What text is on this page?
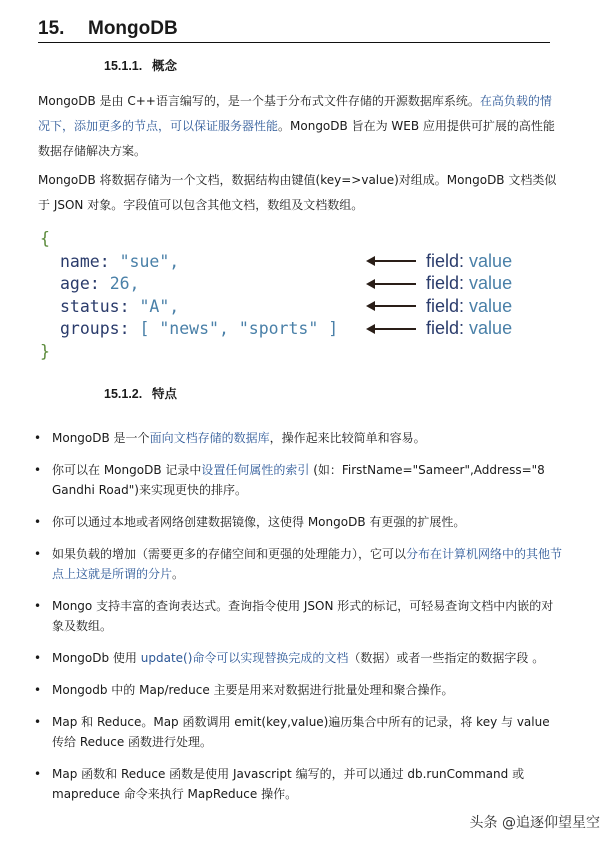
15. MongoDB
15.1.1. 概念
MongoDB 是由 C++语言编写的，是一个基于分布式文件存储的开源数据库系统。在高负载的情况下，添加更多的节点，可以保证服务器性能。MongoDB 旨在为 WEB 应用提供可扩展的高性能数据存储解决方案。
MongoDB 将数据存储为一个文档，数据结构由键值(key=>value)对组成。MongoDB 文档类似于 JSON 对象。字段值可以包含其他文档，数组及文档数组。
{
name: "sue",
age: 26,
status: "A",
groups: [ "news", "sports" ]
}
field: value
field: value
field: value
field: value
15.1.2. 特点
• MongoDB 是一个面向文档存储的数据库，操作起来比较简单和容易。
• 你可以在 MongoDB 记录中设置任何属性的索引 (如：FirstName="Sameer",Address="8 Gandhi Road")来实现更快的排序。
• 你可以通过本地或者网络创建数据镜像，这使得 MongoDB 有更强的扩展性。
• 如果负载的增加（需要更多的存储空间和更强的处理能力），它可以分布在计算机网络中的其他节点上这就是所谓的分片。
• Mongo 支持丰富的查询表达式。查询指令使用 JSON 形式的标记，可轻易查询文档中内嵌的对象及数组。
• MongoDb 使用 update()命令可以实现替换完成的文档（数据）或者一些指定的数据字段 。
• Mongodb 中的 Map/reduce 主要是用来对数据进行批量处理和聚合操作。
• Map 和 Reduce。Map 函数调用 emit(key,value)遍历集合中所有的记录，将 key 与 value 传给 Reduce 函数进行处理。
• Map 函数和 Reduce 函数是使用 Javascript 编写的，并可以通过 db.runCommand 或 mapreduce 命令来执行 MapReduce 操作。
头条 @追逐仰望星空
